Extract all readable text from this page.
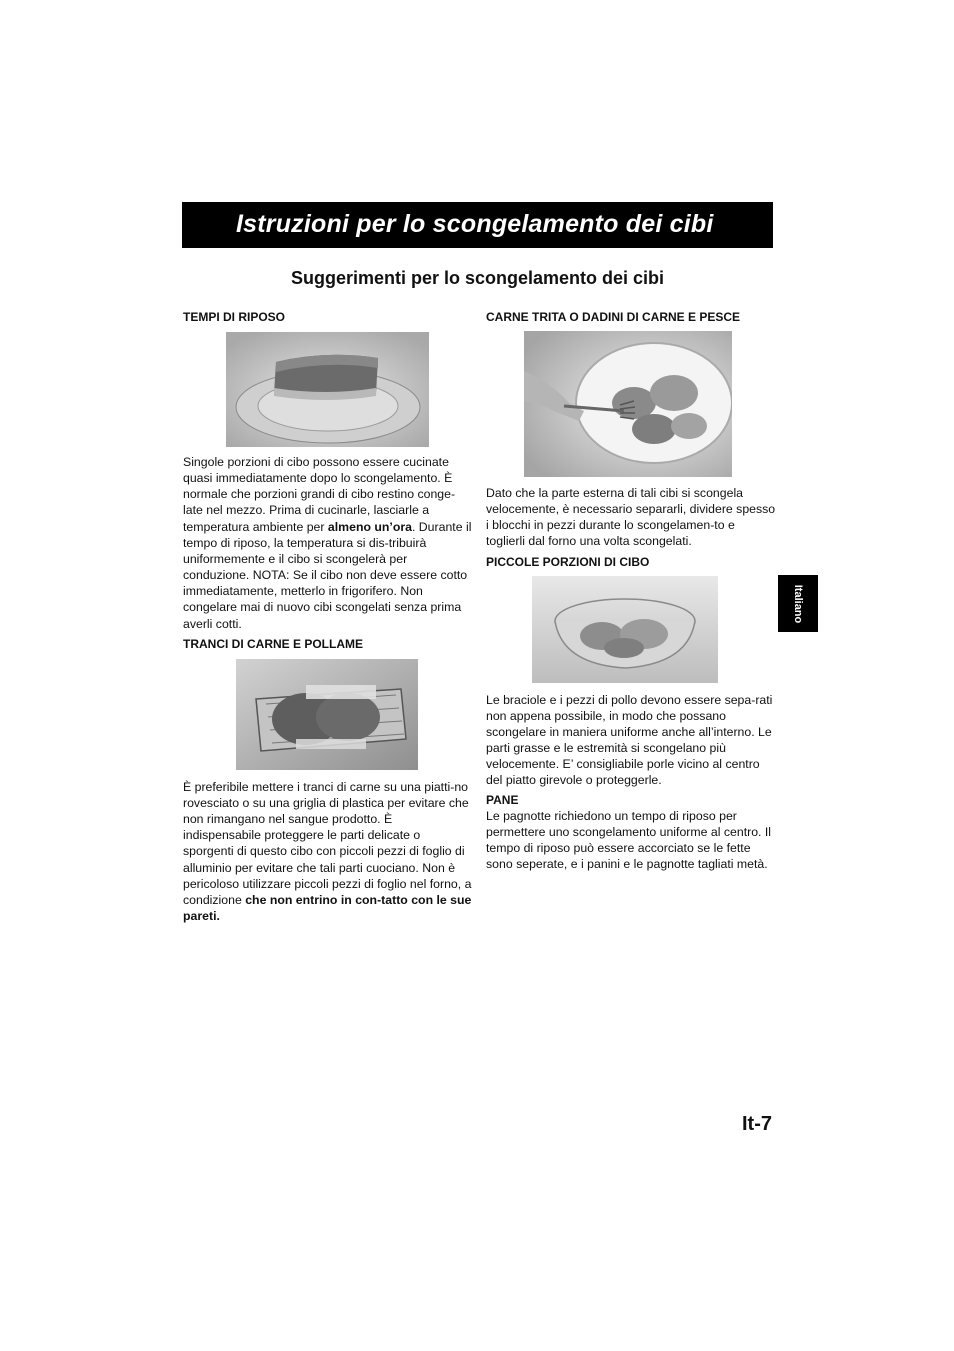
Istruzioni per lo scongelamento dei cibi
Suggerimenti per lo scongelamento dei cibi

TEMPI DI RIPOSO

Singole porzioni di cibo possono essere cucinate quasi immediatamente dopo lo scongelamento. È normale che porzioni grandi di cibo restino conge-late nel mezzo. Prima di cucinarle, lasciarle a temperatura ambiente per almeno un’ora. Durante il tempo di riposo, la temperatura si dis-tribuirà uniformemente e il cibo si scongelerà per conduzione. NOTA: Se il cibo non deve essere cotto immediatamente, metterlo in frigorifero. Non congelare mai di nuovo cibi scongelati senza prima averli cotti.

TRANCI DI CARNE E POLLAME

È preferibile mettere i tranci di carne su una piatti-no rovesciato o su una griglia di plastica per evitare che non rimangano nel sangue prodotto. È indispensabile proteggere le parti delicate o sporgenti di questo cibo con piccoli pezzi di foglio di alluminio per evitare che tali parti cuociano. Non è pericoloso utilizzare piccoli pezzi di foglio nel forno, a condizione che non entrino in con-tatto con le sue pareti.

CARNE TRITA O DADINI DI CARNE E PESCE

Dato che la parte esterna di tali cibi si scongela velocemente, è necessario separarli, dividere spesso i blocchi in pezzi durante lo scongelamen-to e toglierli dal forno una volta scongelati.

PICCOLE PORZIONI DI CIBO

Le braciole e i pezzi di pollo devono essere sepa-rati non appena possibile, in modo che possano scongelare in maniera uniforme anche all’interno. Le parti grasse e le estremità si scongelano più velocemente. E’ consigliabile porle vicino al centro del piatto girevole o proteggerle.

PANE

Le pagnotte richiedono un tempo di riposo per permettere uno scongelamento uniforme al centro. Il tempo di riposo può essere accorciato se le fette sono seperate, e i panini e le pagnotte tagliati metà.

Italiano

It-7
